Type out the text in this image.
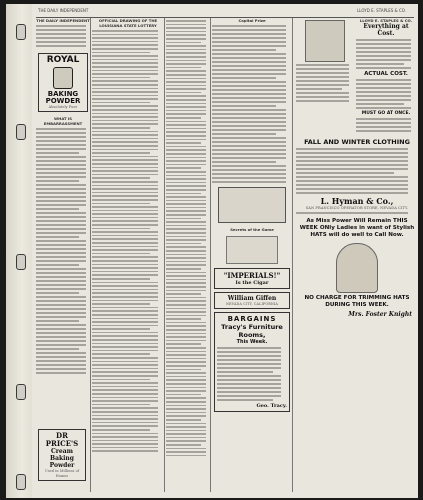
THE DAILY INDEPENDENT	LLOYD E. STAPLES & CO.
THE DAILY INDEPENDENT
ROYAL
BAKING
POWDER
Absolutely Pure
WHAT IS EMBARRASSMENT
DR PRICE'S
Cream Baking
Powder
Used in Millions of Homes
OFFICIAL DRAWING OF THE LOUISIANA STATE LOTTERY
Capital Prize
Secrets of the Game
"IMPERIALS!"
Is the Cigar
William Giffen
NEVADA CITY, CALIFORNIA
BARGAINS
Tracy's Furniture Rooms,
This Week.
Geo. Tracy.
LLOYD E. STAPLES & CO.
Everything at Cost.
ACTUAL COST.
MUST GO AT ONCE.
FALL AND WINTER CLOTHING
L. Hyman & Co.,
SAN FRANCISCO OPERATOR STORE, NEVADA CITY.
As Miss Power Will Remain THIS WEEK ONly Ladies in want of Stylish HATS will do well to Call Now.
NO CHARGE FOR TRIMMING HATS DURING THIS WEEK.
Mrs. Foster Knight
